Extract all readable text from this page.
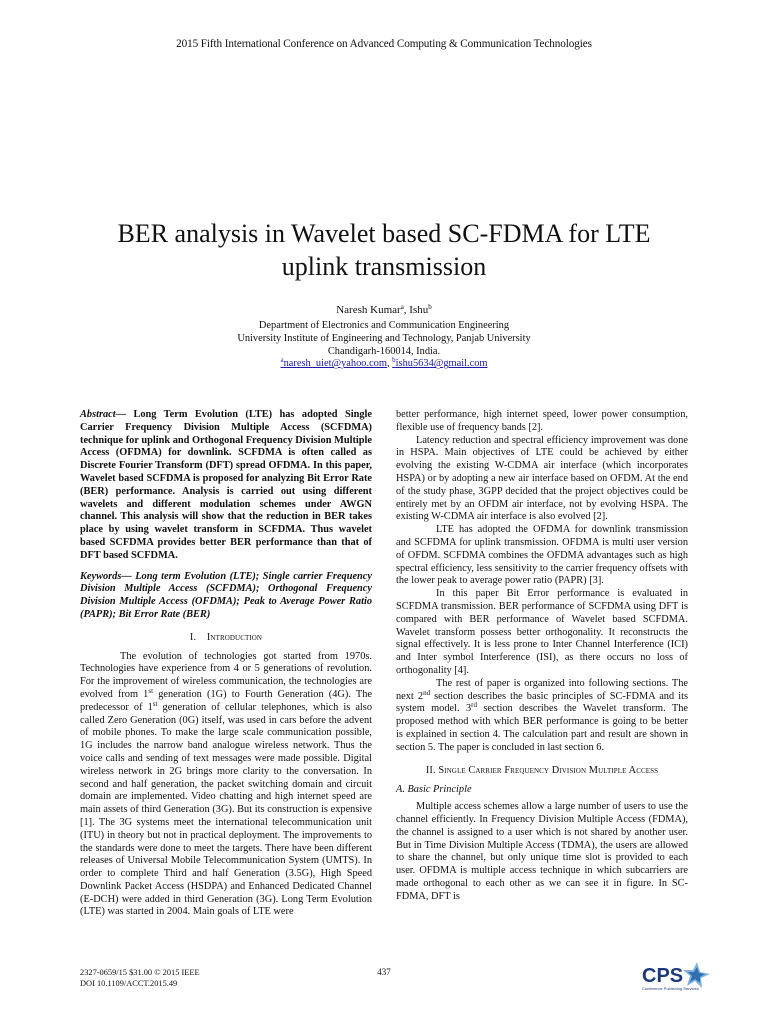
2015 Fifth International Conference on Advanced Computing & Communication Technologies
BER analysis in Wavelet based SC-FDMA for LTE
uplink transmission
Naresh Kumar$^a$, Ishu$^b$
Department of Electronics and Communication Engineering
University Institute of Engineering and Technology, Panjab University
Chandigarh-160014, India.
$^a$naresh_uiet@yahoo.com, $^b$ishu5634@gmail.com

Abstract— Long Term Evolution (LTE) has adopted Single Carrier Frequency Division Multiple Access (SCFDMA) technique for uplink and Orthogonal Frequency Division Multiple Access (OFDMA) for downlink. SCFDMA is often called as Discrete Fourier Transform (DFT) spread OFDMA. In this paper, Wavelet based SCFDMA is proposed for analyzing Bit Error Rate (BER) performance. Analysis is carried out using different wavelets and different modulation schemes under AWGN channel. This analysis will show that the reduction in BER takes place by using wavelet transform in SCFDMA. Thus wavelet based SCFDMA provides better BER performance than that of DFT based SCFDMA.

Keywords— Long term Evolution (LTE); Single carrier Frequency Division Multiple Access (SCFDMA); Orthogonal Frequency Division Multiple Access (OFDMA); Peak to Average Power Ratio (PAPR); Bit Error Rate (BER)

I. Introduction

The evolution of technologies got started from 1970s. Technologies have experience from 4 or 5 generations of revolution. For the improvement of wireless communication, the technologies are evolved from 1st generation (1G) to Fourth Generation (4G). The predecessor of 1st generation of cellular telephones, which is also called Zero Generation (0G) itself, was used in cars before the advent of mobile phones. To make the large scale communication possible, 1G includes the narrow band analogue wireless network. Thus the voice calls and sending of text messages were made possible. Digital wireless network in 2G brings more clarity to the conversation. In second and half generation, the packet switching domain and circuit domain are implemented. Video chatting and high internet speed are main assets of third Generation (3G). But its construction is expensive [1]. The 3G systems meet the international telecommunication unit (ITU) in theory but not in practical deployment. The improvements to the standards were done to meet the targets. There have been different releases of Universal Mobile Telecommunication System (UMTS). In order to complete Third and half Generation (3.5G), High Speed Downlink Packet Access (HSDPA) and Enhanced Dedicated Channel (E-DCH) were added in third Generation (3G). Long Term Evolution (LTE) was started in 2004. Main goals of LTE were

better performance, high internet speed, lower power consumption, flexible use of frequency bands [2].

Latency reduction and spectral efficiency improvement was done in HSPA. Main objectives of LTE could be achieved by either evolving the existing W-CDMA air interface (which incorporates HSPA) or by adopting a new air interface based on OFDM. At the end of the study phase, 3GPP decided that the project objectives could be entirely met by an OFDM air interface, not by evolving HSPA. The existing W-CDMA air interface is also evolved [2].

LTE has adopted the OFDMA for downlink transmission and SCFDMA for uplink transmission. OFDMA is multi user version of OFDM. SCFDMA combines the OFDMA advantages such as high spectral efficiency, less sensitivity to the carrier frequency offsets with the lower peak to average power ratio (PAPR) [3].

In this paper Bit Error performance is evaluated in SCFDMA transmission. BER performance of SCFDMA using DFT is compared with BER performance of Wavelet based SCFDMA. Wavelet transform possess better orthogonality. It reconstructs the signal effectively. It is less prone to Inter Channel Interference (ICI) and Inter symbol Interference (ISI), as there occurs no loss of orthogonality [4].

The rest of paper is organized into following sections. The next 2nd section describes the basic principles of SC-FDMA and its system model. 3rd section describes the Wavelet transform. The proposed method with which BER performance is going to be better is explained in section 4. The calculation part and result are shown in section 5. The paper is concluded in last section 6.

II. Single Carrier Frequency Division Multiple Access
A. Basic Principle

Multiple access schemes allow a large number of users to use the channel efficiently. In Frequency Division Multiple Access (FDMA), the channel is assigned to a user which is not shared by another user. But in Time Division Multiple Access (TDMA), the users are allowed to share the channel, but only unique time slot is provided to each user. OFDMA is multiple access technique in which subcarriers are made orthogonal to each other as we can see it in figure. In SC-FDMA, DFT is

2327-0659/15 $31.00 © 2015 IEEE
DOI 10.1109/ACCT.2015.49
437	CPS
Conference Publishing Services
